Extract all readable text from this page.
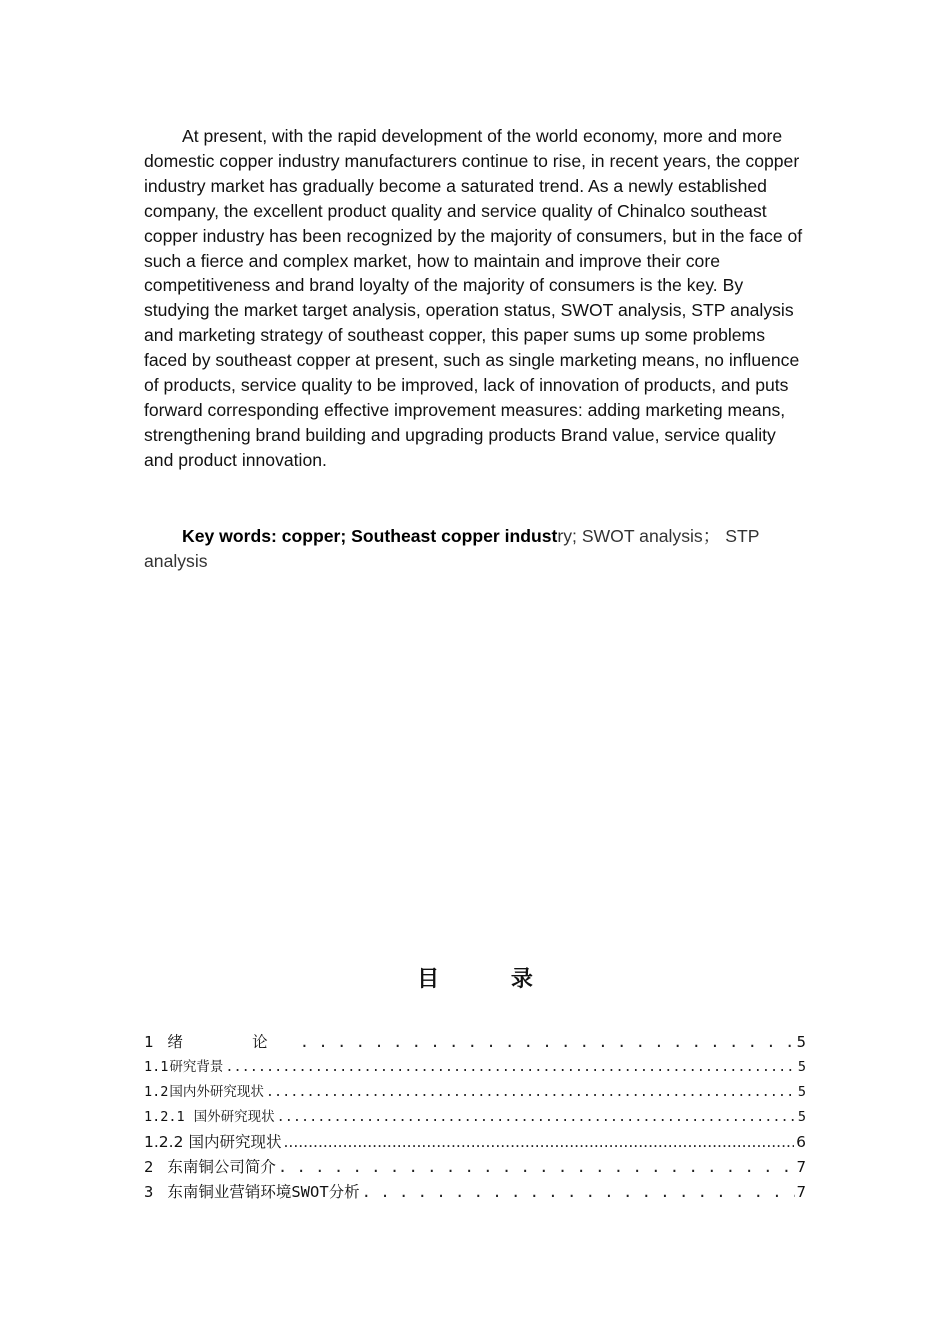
At present, with the rapid development of the world economy, more and more domestic copper industry manufacturers continue to rise, in recent years, the copper industry market has gradually become a saturated trend. As a newly established company, the excellent product quality and service quality of Chinalco southeast copper industry has been recognized by the majority of consumers, but in the face of such a fierce and complex market, how to maintain and improve their core competitiveness and brand loyalty of the majority of consumers is the key. By studying the market target analysis, operation status, SWOT analysis, STP analysis and marketing strategy of southeast copper, this paper sums up some problems faced by southeast copper at present, such as single marketing means, no influence of products, service quality to be improved, lack of innovation of products, and puts forward corresponding effective improvement measures: adding marketing means, strengthening brand building and upgrading products Brand value, service quality and product innovation.

Key words: copper; Southeast copper industry; SWOT analysis； STP analysis

目 录
1 绪 论 . . .	5
1.1 研究背景 .....	5
1.2 国内外研究现状 .....	5
1.2.1 国外研究现状 .....	5
1.2.2 国内研究现状 .....	6
2 东南铜公司简介 . . .	7
3 东南铜业营销环境SWOT分析 . . .	7
